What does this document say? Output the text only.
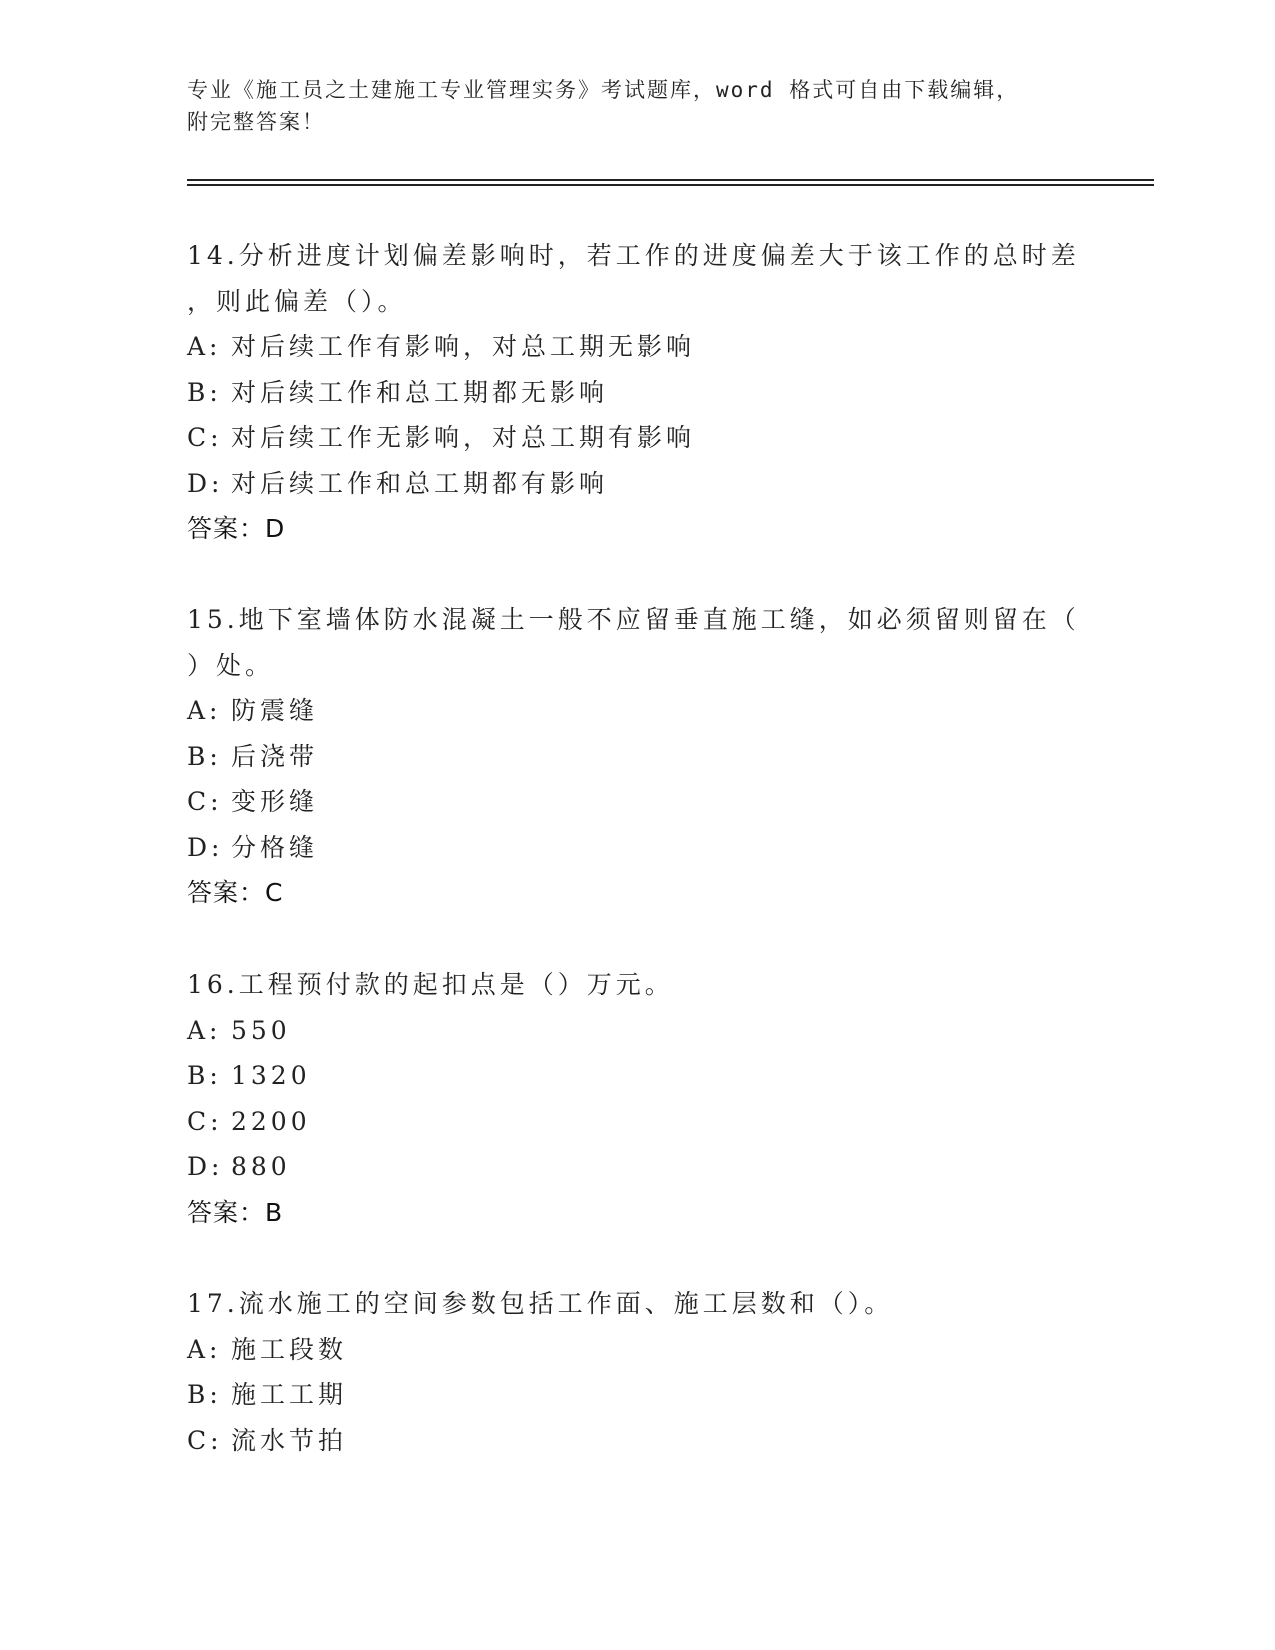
专业《施工员之土建施工专业管理实务》考试题库，word 格式可自由下载编辑，
附完整答案！
14.分析进度计划偏差影响时，若工作的进度偏差大于该工作的总时差
，则此偏差（）。
A: 对后续工作有影响，对总工期无影响
B: 对后续工作和总工期都无影响
C: 对后续工作无影响，对总工期有影响
D: 对后续工作和总工期都有影响
答案：D
15.地下室墙体防水混凝土一般不应留垂直施工缝，如必须留则留在（
）处。
A: 防震缝
B: 后浇带
C: 变形缝
D: 分格缝
答案：C
16.工程预付款的起扣点是（）万元。
A: 550
B: 1320
C: 2200
D: 880
答案：B
17.流水施工的空间参数包括工作面、施工层数和（）。
A: 施工段数
B: 施工工期
C: 流水节拍
